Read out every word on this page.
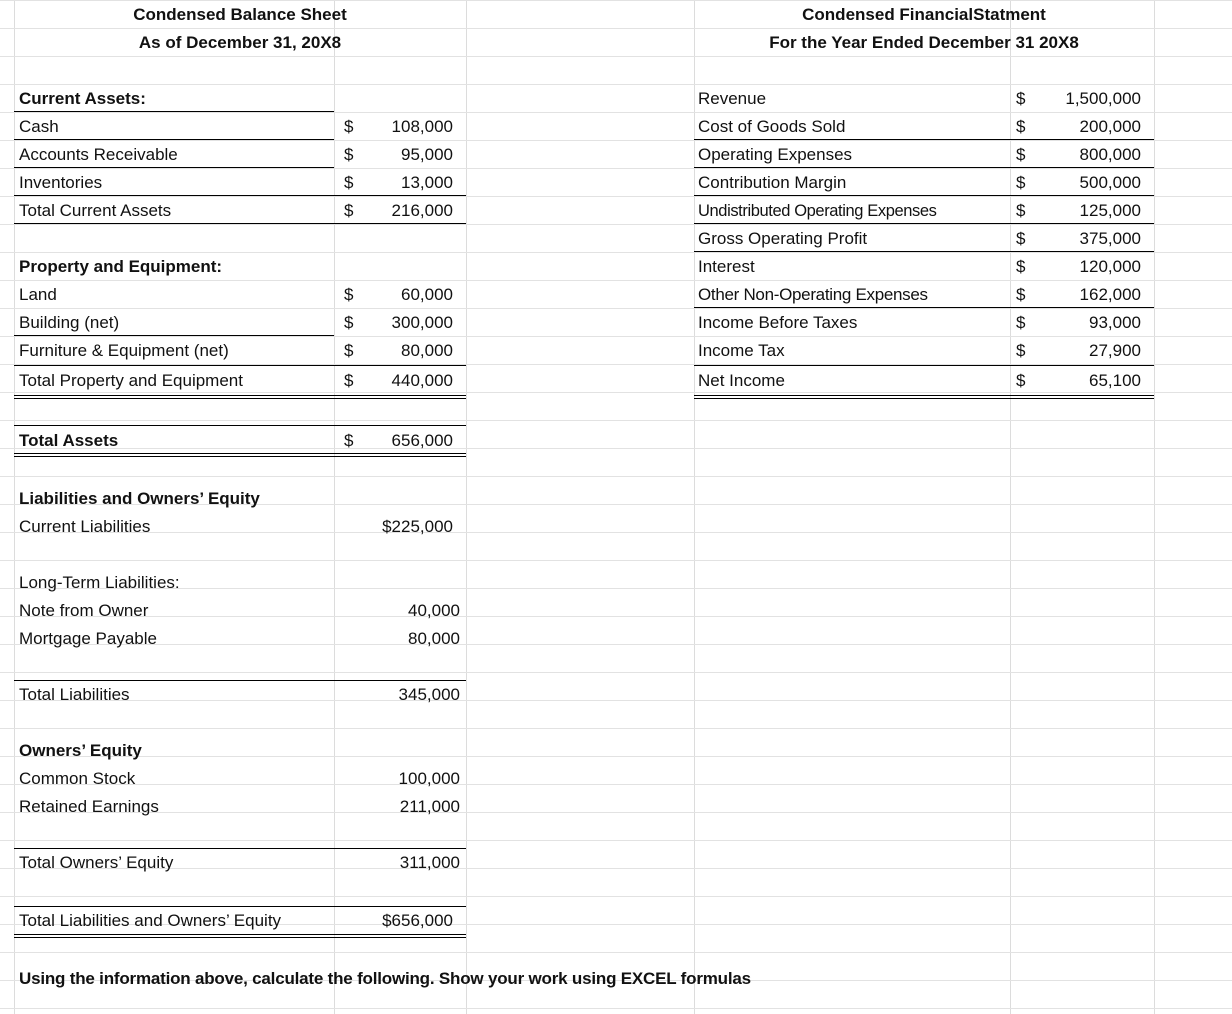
Condensed Balance Sheet
As of December 31, 20X8
Condensed FinancialStatment
For the Year Ended December 31 20X8
Current Assets:
Cash	$	108,000
Accounts Receivable	$	95,000
Inventories	$	13,000
Total Current Assets	$	216,000
Property and Equipment:
Land	$	60,000
Building (net)	$	300,000
Furniture & Equipment (net)	$	80,000
Total Property and Equipment	$	440,000
Total Assets	$	656,000
Liabilities and Owners’ Equity
Current Liabilities	$225,000
Long-Term Liabilities:
Note from Owner	40,000
Mortgage Payable	80,000
Total Liabilities	345,000
Owners’ Equity
Common Stock	100,000
Retained Earnings	211,000
Total Owners’ Equity	311,000
Total Liabilities and Owners’ Equity	$656,000
Revenue	$	1,500,000
Cost of Goods Sold	$	200,000
Operating Expenses	$	800,000
Contribution Margin	$	500,000
Undistributed Operating Expenses	$	125,000
Gross Operating Profit	$	375,000
Interest	$	120,000
Other Non-Operating Expenses	$	162,000
Income Before Taxes	$	93,000
Income Tax	$	27,900
Net Income	$	65,100
Using the information above, calculate the following. Show your work using EXCEL formulas
